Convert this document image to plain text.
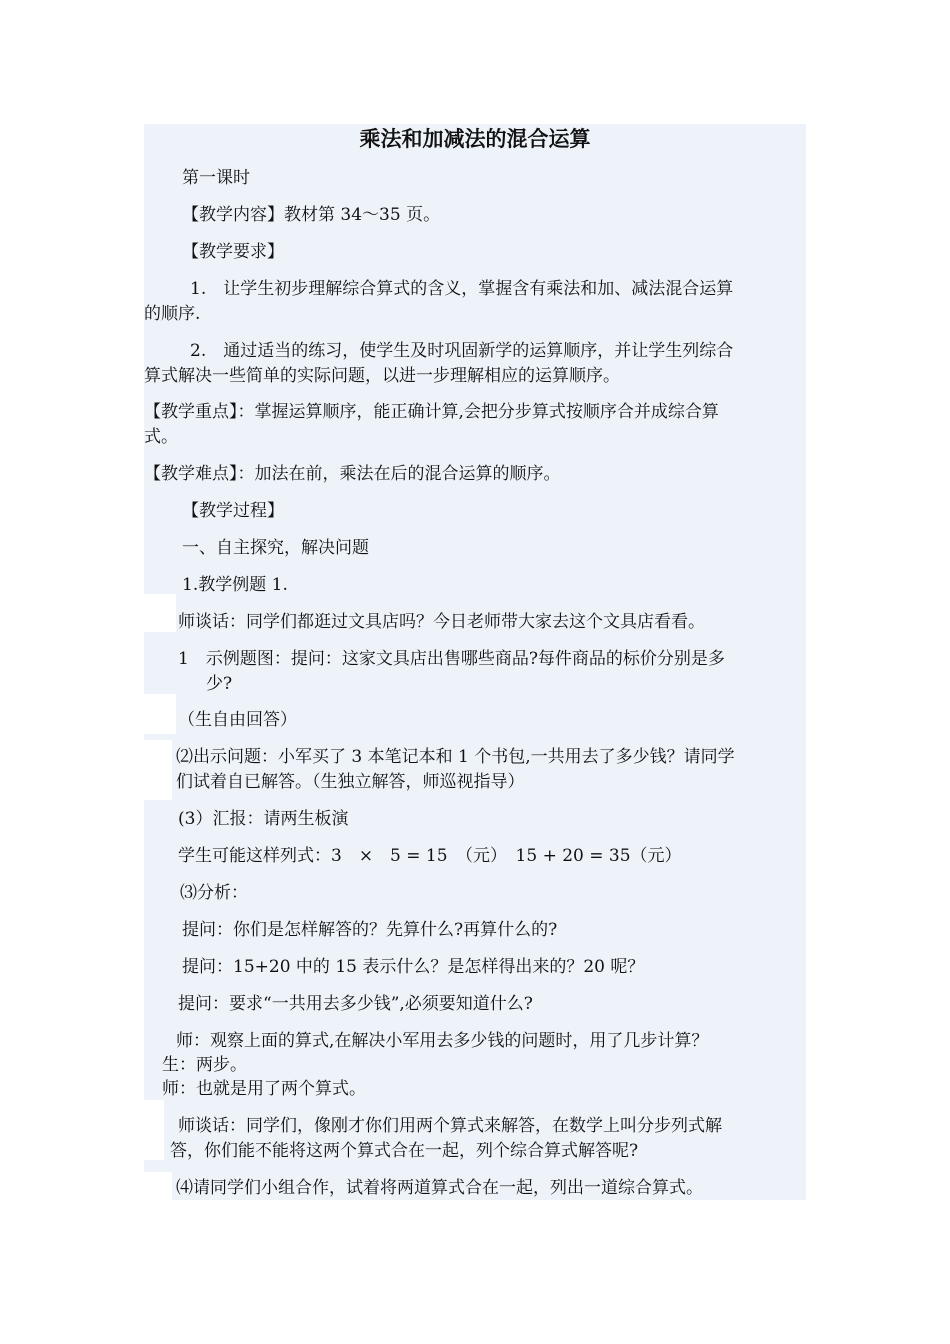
乘法和加减法的混合运算
第一课时
【教学内容】教材第 34～35 页。
【教学要求】
1.　让学生初步理解综合算式的含义，掌握含有乘法和加、减法混合运算
的顺序.
2.　通过适当的练习，使学生及时巩固新学的运算顺序，并让学生列综合
算式解决一些简单的实际问题，以进一步理解相应的运算顺序。
【教学重点】：掌握运算顺序，能正确计算,会把分步算式按顺序合并成综合算
式。
【教学难点】：加法在前，乘法在后的混合运算的顺序。
【教学过程】
一、自主探究，解决问题
1.教学例题 1.
师谈话：同学们都逛过文具店吗？今日老师带大家去这个文具店看看。
1　示例题图：提问：这家文具店出售哪些商品?每件商品的标价分别是多
少?
（生自由回答）
⑵出示问题：小军买了 3 本笔记本和 1 个书包,一共用去了多少钱？请同学
们试着自已解答。（生独立解答，师巡视指导）
(3）汇报：请两生板演
学生可能这样列式：3　×　5 = 15　（元）　15 + 20 = 35（元）
⑶分析：
提问：你们是怎样解答的？先算什么?再算什么的?
提问：15+20 中的 15 表示什么？是怎样得出来的？20 呢？
提问：要求“一共用去多少钱”,必须要知道什么?
师：观察上面的算式,在解决小军用去多少钱的问题时，用了几步计算？
生：两步。
师：也就是用了两个算式。
师谈话：同学们，像刚才你们用两个算式来解答，在数学上叫分步列式解
答，你们能不能将这两个算式合在一起，列个综合算式解答呢?
⑷请同学们小组合作，试着将两道算式合在一起，列出一道综合算式。
